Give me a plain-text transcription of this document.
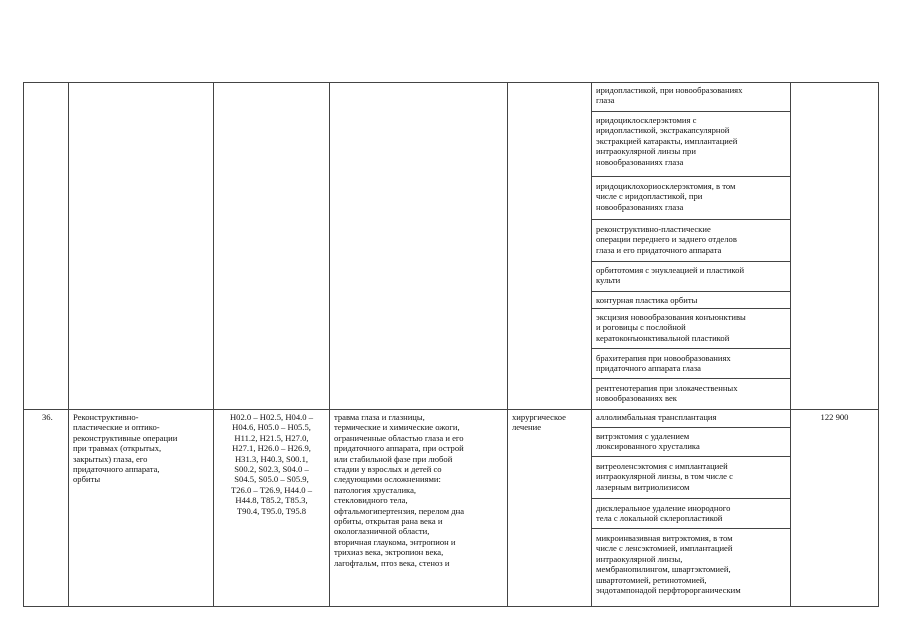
иридопластикой, при новообразованиях
глаза
иридоциклосклерэктомия с
иридопластикой, экстракапсулярной
экстракцией катаракты, имплантацией
интраокулярной линзы при
новообразованиях глаза
иридоциклохориосклерэктомия, в том
числе с иридопластикой, при
новообразованиях глаза
реконструктивно-пластические
операции переднего и заднего отделов
глаза и его придаточного аппарата
орбитотомия с энуклеацией и пластикой
культи
контурная пластика орбиты
эксцизия новообразования конъюнктивы
и роговицы с послойной
кератоконъюнктивальной пластикой
брахитерапия при новообразованиях
придаточного аппарата глаза
рентгенотерапия при злокачественных
новообразованиях век
36.	Реконструктивно-
пластические и оптико-
реконструктивные операции
при травмах (открытых,
закрытых) глаза, его
придаточного аппарата,
орбиты
H02.0 – H02.5, H04.0 –
H04.6, H05.0 – H05.5,
H11.2, H21.5, H27.0,
H27.1, H26.0 – H26.9,
H31.3, H40.3, S00.1,
S00.2, S02.3, S04.0 –
S04.5, S05.0 – S05.9,
T26.0 – T26.9, H44.0 –
H44.8, T85.2, T85.3,
T90.4, T95.0, T95.8
травма глаза и глазницы,
термические и химические ожоги,
ограниченные областью глаза и его
придаточного аппарата, при острой
или стабильной фазе при любой
стадии у взрослых и детей со
следующими осложнениями:
патология хрусталика,
стекловидного тела,
офтальмогипертензия, перелом дна
орбиты, открытая рана века и
окологлазничной области,
вторичная глаукома, энтропион и
трихиаз века, эктропион века,
лагофтальм, птоз века, стеноз и
хирургическое
лечение
122 900
аллолимбальная трансплантация
витрэктомия с удалением
люксированного хрусталика
витреоленсэктомия с имплантацией
интраокулярной линзы, в том числе с
лазерным витриолизисом
дисклеральное удаление инородного
тела с локальной склеропластикой
микроинвазивная витрэктомия, в том
числе с ленсэктомией, имплантацией
интраокулярной линзы,
мембранопилингом, швартэктомией,
швартотомией, ретинотомией,
эндотампонадой перфторорганическим
